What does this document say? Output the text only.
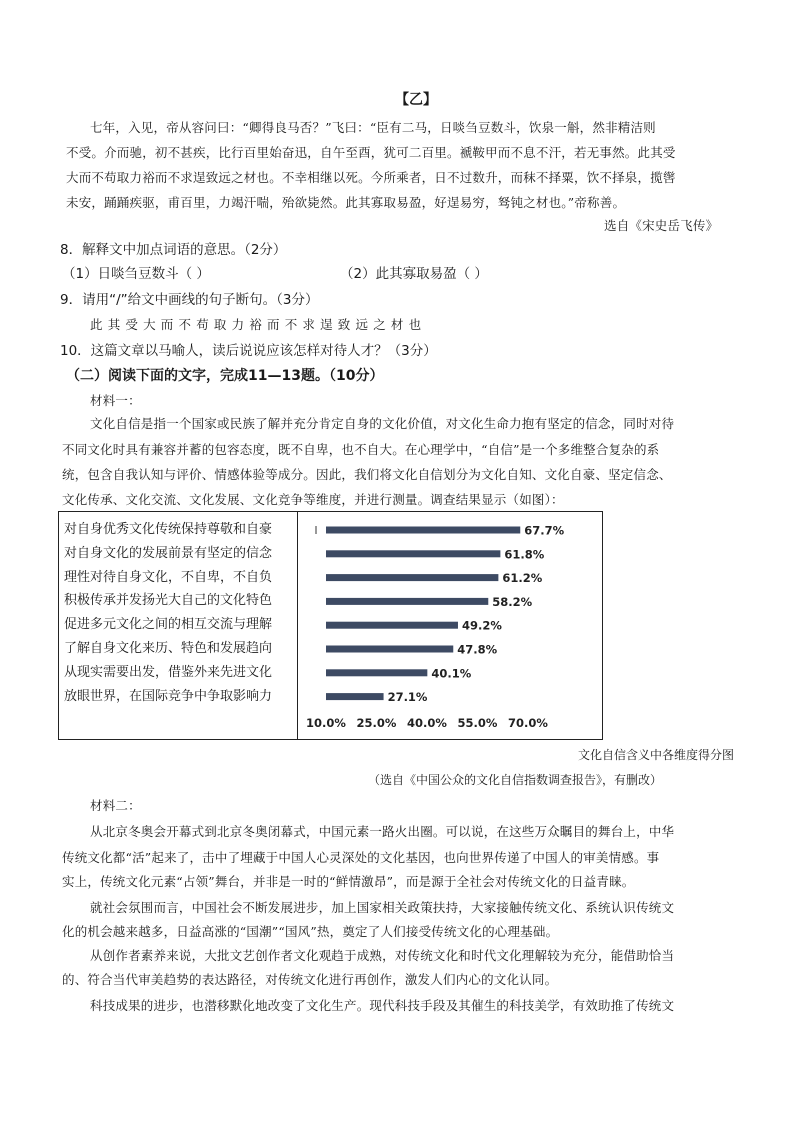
【乙】
七年，入见，帝从容问曰：“卿得良马否？”飞曰：“臣有二马，日啖刍豆数斗，饮泉一斛，然非精洁则
不受。介而驰，初不甚疾，比行百里始奋迅，自午至酉，犹可二百里。褫鞍甲而不息不汗，若无事然。此其受
大而不苟取力裕而不求逞致远之材也。不幸相继以死。今所乘者，日不过数升，而秣不择粟，饮不择泉，揽辔
未安，踊踊疾驱，甫百里，力竭汗喘，殆欲毙然。此其寡取易盈，好逞易穷，驽钝之材也。”帝称善。
选自《宋史岳飞传》
8．解释文中加点词语的意思。（2分）
（1）日啖刍豆数斗（ ）	（2）此其寡取易盈（ ）
9．请用“/”给文中画线的句子断句。（3分）
此其受大而不苟取力裕而不求逞致远之材也
10．这篇文章以马喻人，读后说说应该怎样对待人才？（3分）
（二）阅读下面的文字，完成11—13题。（10分）
材料一：
文化自信是指一个国家或民族了解并充分肯定自身的文化价值，对文化生命力抱有坚定的信念，同时对待
不同文化时具有兼容并蓄的包容态度，既不自卑，也不自大。在心理学中，“自信”是一个多维整合复杂的系
统，包含自我认知与评价、情感体验等成分。因此，我们将文化自信划分为文化自知、文化自豪、坚定信念、
文化传承、文化交流、文化发展、文化竞争等维度，并进行测量。调查结果显示（如图）：
对自身优秀文化传统保持尊敬和自豪
对自身文化的发展前景有坚定的信念
理性对待自身文化，不自卑，不自负
积极传承并发扬光大自己的文化特色
促进多元文化之间的相互交流与理解
了解自身文化来历、特色和发展趋向
从现实需要出发，借鉴外来先进文化
放眼世界，在国际竞争中争取影响力
67.7%
61.8%
61.2%
58.2%
49.2%
47.8%
40.1%
27.1%
10.0% 25.0% 40.0% 55.0% 70.0%
文化自信含义中各维度得分图
（选自《中国公众的文化自信指数调查报告》，有删改）
材料二：
从北京冬奥会开幕式到北京冬奥闭幕式，中国元素一路火出圈。可以说，在这些万众瞩目的舞台上，中华
传统文化都“活”起来了，击中了埋藏于中国人心灵深处的文化基因，也向世界传递了中国人的审美情感。事
实上，传统文化元素“占领”舞台，并非是一时的“鲜情激昂”，而是源于全社会对传统文化的日益青睐。
就社会氛围而言，中国社会不断发展进步，加上国家相关政策扶持，大家接触传统文化、系统认识传统文
化的机会越来越多，日益高涨的“国潮”“国风”热，奠定了人们接受传统文化的心理基础。
从创作者素养来说，大批文艺创作者文化观趋于成熟，对传统文化和时代文化理解较为充分，能借助恰当
的、符合当代审美趋势的表达路径，对传统文化进行再创作，激发人们内心的文化认同。
科技成果的进步，也潜移默化地改变了文化生产。现代科技手段及其催生的科技美学，有效助推了传统文
